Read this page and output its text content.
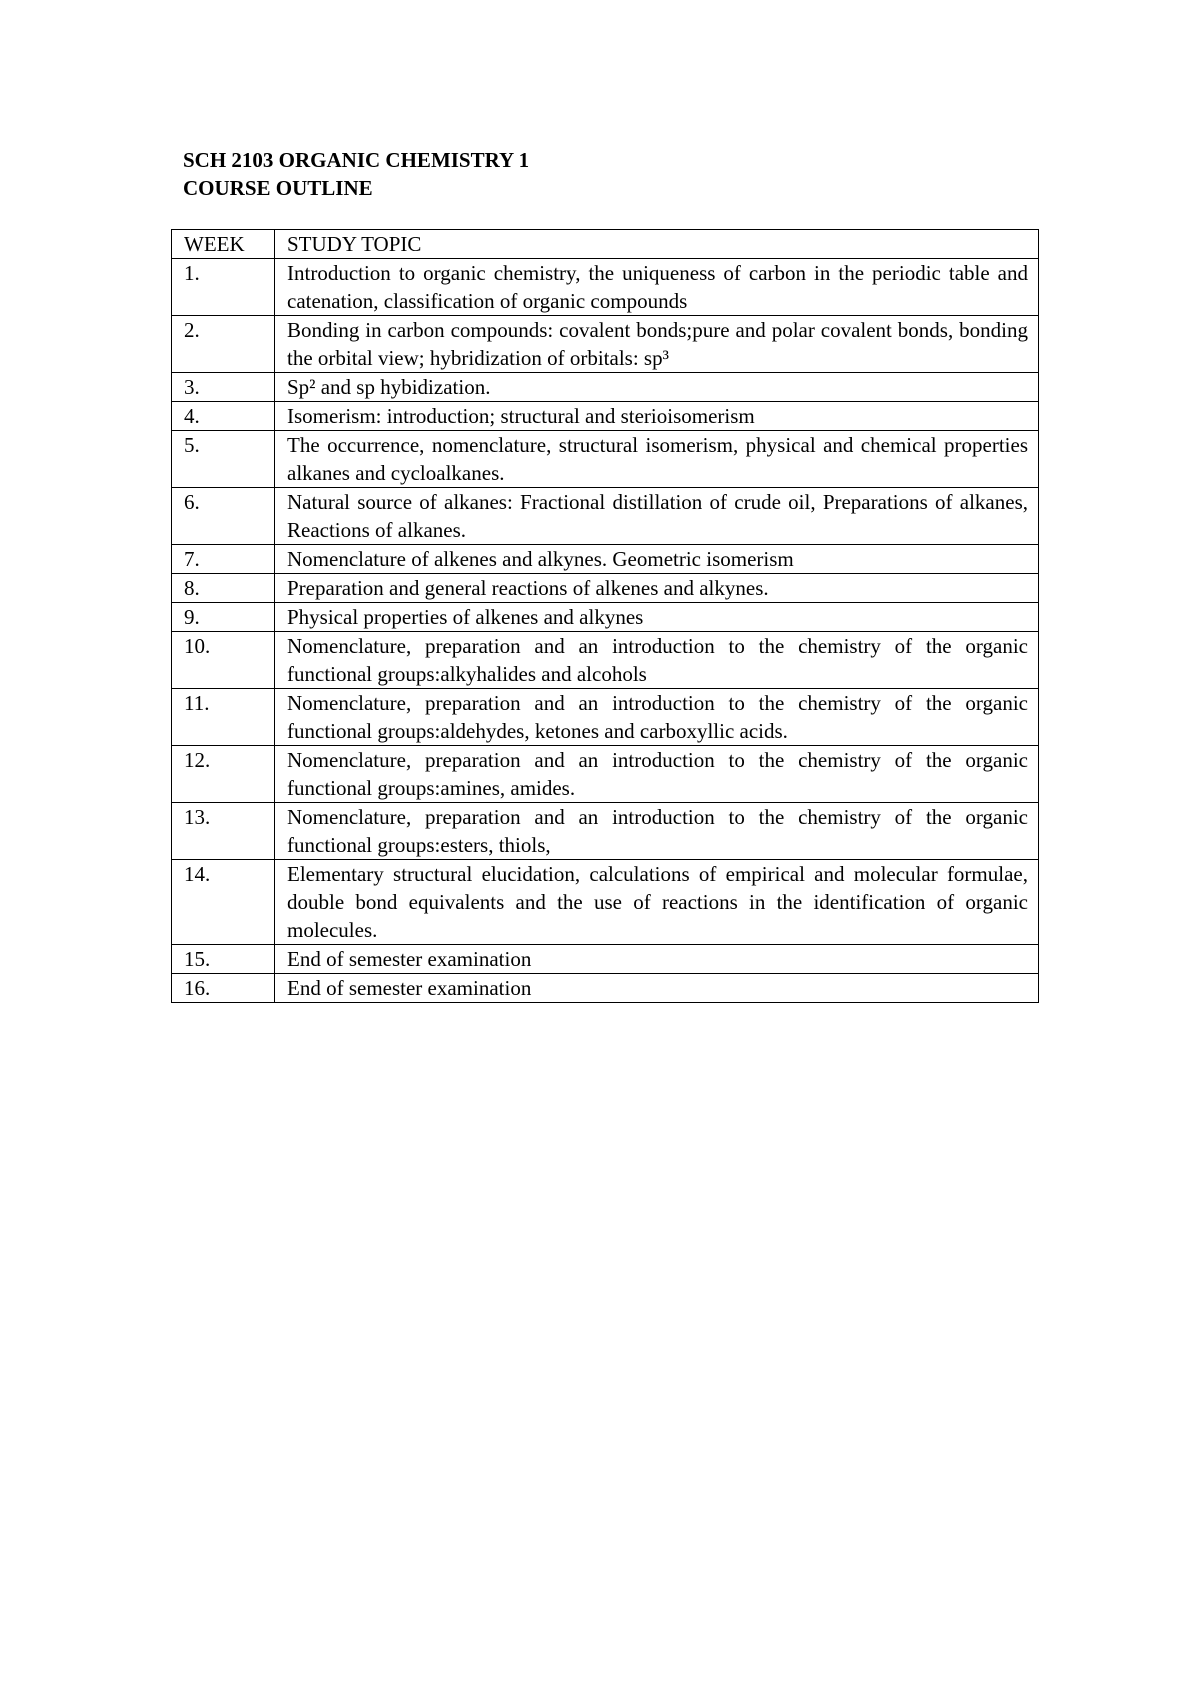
SCH 2103 ORGANIC CHEMISTRY 1
COURSE OUTLINE
WEEK	STUDY TOPIC
1.	Introduction to organic chemistry, the uniqueness of carbon in the periodic table and catenation, classification of organic compounds
2.	Bonding in carbon compounds: covalent bonds;pure and polar covalent bonds, bonding the orbital view; hybridization of orbitals: sp³
3.	Sp² and sp hybidization.
4.	Isomerism: introduction; structural and sterioisomerism
5.	The occurrence, nomenclature, structural isomerism, physical and chemical properties alkanes and cycloalkanes.
6.	Natural source of alkanes: Fractional distillation of crude oil, Preparations of alkanes, Reactions of alkanes.
7.	Nomenclature of alkenes and alkynes. Geometric isomerism
8.	Preparation and general reactions of alkenes and alkynes.
9.	Physical properties of alkenes and alkynes
10.	Nomenclature, preparation and an introduction to the chemistry of the organic functional groups:alkyhalides and alcohols
11.	Nomenclature, preparation and an introduction to the chemistry of the organic functional groups:aldehydes, ketones and carboxyllic acids.
12.	Nomenclature, preparation and an introduction to the chemistry of the organic functional groups:amines, amides.
13.	Nomenclature, preparation and an introduction to the chemistry of the organic functional groups:esters, thiols,
14.	Elementary structural elucidation, calculations of empirical and molecular formulae, double bond equivalents and the use of reactions in the identification of organic molecules.
15.	End of semester examination
16.	End of semester examination
